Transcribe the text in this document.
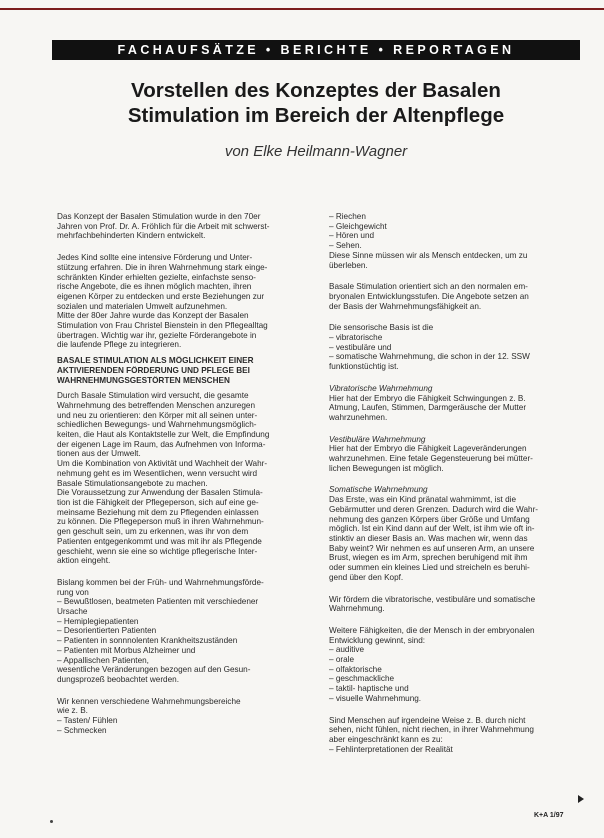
FACHAUFSÄTZE • BERICHTE • REPORTAGEN
Vorstellen des Konzeptes der Basalen
Stimulation im Bereich der Altenpflege
von Elke Heilmann-Wagner

Das Konzept der Basalen Stimulation wurde in den 70er
Jahren von Prof. Dr. A. Fröhlich für die Arbeit mit schwerst-
mehrfachbehinderten Kindern entwickelt.

Jedes Kind sollte eine intensive Förderung und Unter-
stützung erfahren. Die in ihren Wahrnehmung stark einge-
schränkten Kinder erhielten gezielte, einfachste senso-
rische Angebote, die es ihnen möglich machten, ihren
eigenen Körper zu entdecken und erste Beziehungen zur
sozialen und materialen Umwelt aufzunehmen.
Mitte der 80er Jahre wurde das Konzept der Basalen
Stimulation von Frau Christel Bienstein in den Pflegealltag
übertragen. Wichtig war ihr, gezielte Förderangebote in
die laufende Pflege zu integrieren.

BASALE STIMULATION ALS MÖGLICHKEIT EINER
AKTIVIERENDEN FÖRDERUNG UND PFLEGE BEI
WAHRNEHMUNGSGESTÖRTEN MENSCHEN

Durch Basale Stimulation wird versucht, die gesamte
Wahrnehmung des betreffenden Menschen anzuregen
und neu zu orientieren: den Körper mit all seinen unter-
schiedlichen Bewegungs- und Wahrnehmungsmöglich-
keiten, die Haut als Kontaktstelle zur Welt, die Empfindung
der eigenen Lage im Raum, das Aufnehmen von Informa-
tionen aus der Umwelt.
Um die Kombination von Aktivität und Wachheit der Wahr-
nehmung geht es im Wesentlichen, wenn versucht wird
Basale Stimulationsangebote zu machen.
Die Voraussetzung zur Anwendung der Basalen Stimula-
tion ist die Fähigkeit der Pflegeperson, sich auf eine ge-
meinsame Beziehung mit dem zu Pflegenden einlassen
zu können. Die Pflegeperson muß in ihren Wahrnehmun-
gen geschult sein, um zu erkennen, was ihr von dem
Patienten entgegenkommt und was mit ihr als Pflegende
geschieht, wenn sie eine so wichtige pflegerische Inter-
aktion eingeht.

Bislang kommen bei der Früh- und Wahrnehmungsförde-
rung von
– Bewußtlosen, beatmeten Patienten mit verschiedener
Ursache
– Hemiplegiepatienten
– Desorientierten Patienten
– Patienten in sonnnolenten Krankheitszuständen
– Patienten mit Morbus Alzheimer und
– Appallischen Patienten,
wesentliche Veränderungen bezogen auf den Gesun-
dungsprozeß beobachtet werden.

Wir kennen verschiedene Wahrnehmungsbereiche
wie z. B.
– Tasten/ Fühlen
– Schmecken

– Riechen
– Gleichgewicht
– Hören und
– Sehen.
Diese Sinne müssen wir als Mensch entdecken, um zu
überleben.

Basale Stimulation orientiert sich an den normalen em-
bryonalen Entwicklungsstufen. Die Angebote setzen an
der Basis der Wahrnehmungsfähigkeit an.

Die sensorische Basis ist die
– vibratorische
– vestibuläre und
– somatische Wahrnehmung, die schon in der 12. SSW
funktionstüchtig ist.

Vibratorische Wahrnehmung

Hier hat der Embryo die Fähigkeit Schwingungen z. B.
Atmung, Laufen, Stimmen, Darmgeräusche der Mutter
wahrzunehmen.

Vestibuläre Wahrnehmung

Hier hat der Embryo die Fähigkeit Lageveränderungen
wahrzunehmen. Eine fetale Gegensteuerung bei mütter-
lichen Bewegungen ist möglich.

Somatische Wahrnehmung

Das Erste, was ein Kind pränatal wahrnimmt, ist die
Gebärmutter und deren Grenzen. Dadurch wird die Wahr-
nehmung des ganzen Körpers über Größe und Umfang
möglich. Ist ein Kind dann auf der Welt, ist ihm wie oft in-
stinktiv an dieser Basis an. Was machen wir, wenn das
Baby weint? Wir nehmen es auf unseren Arm, an unsere
Brust, wiegen es im Arm, sprechen beruhigend mit ihm
oder summen ein kleines Lied und streicheln es beruhi-
gend über den Kopf.

Wir fördern die vibratorische, vestibuläre und somatische
Wahrnehmung.

Weitere Fähigkeiten, die der Mensch in der embryonalen
Entwicklung gewinnt, sind:
– auditive
– orale
– olfaktorische
– geschmackliche
– taktil- haptische und
– visuelle Wahrnehmung.

Sind Menschen auf irgendeine Weise z. B. durch nicht
sehen, nicht fühlen, nicht riechen, in ihrer Wahrnehmung
aber eingeschränkt kann es zu:
– Fehlinterpretationen der Realität

K+A 1/97
